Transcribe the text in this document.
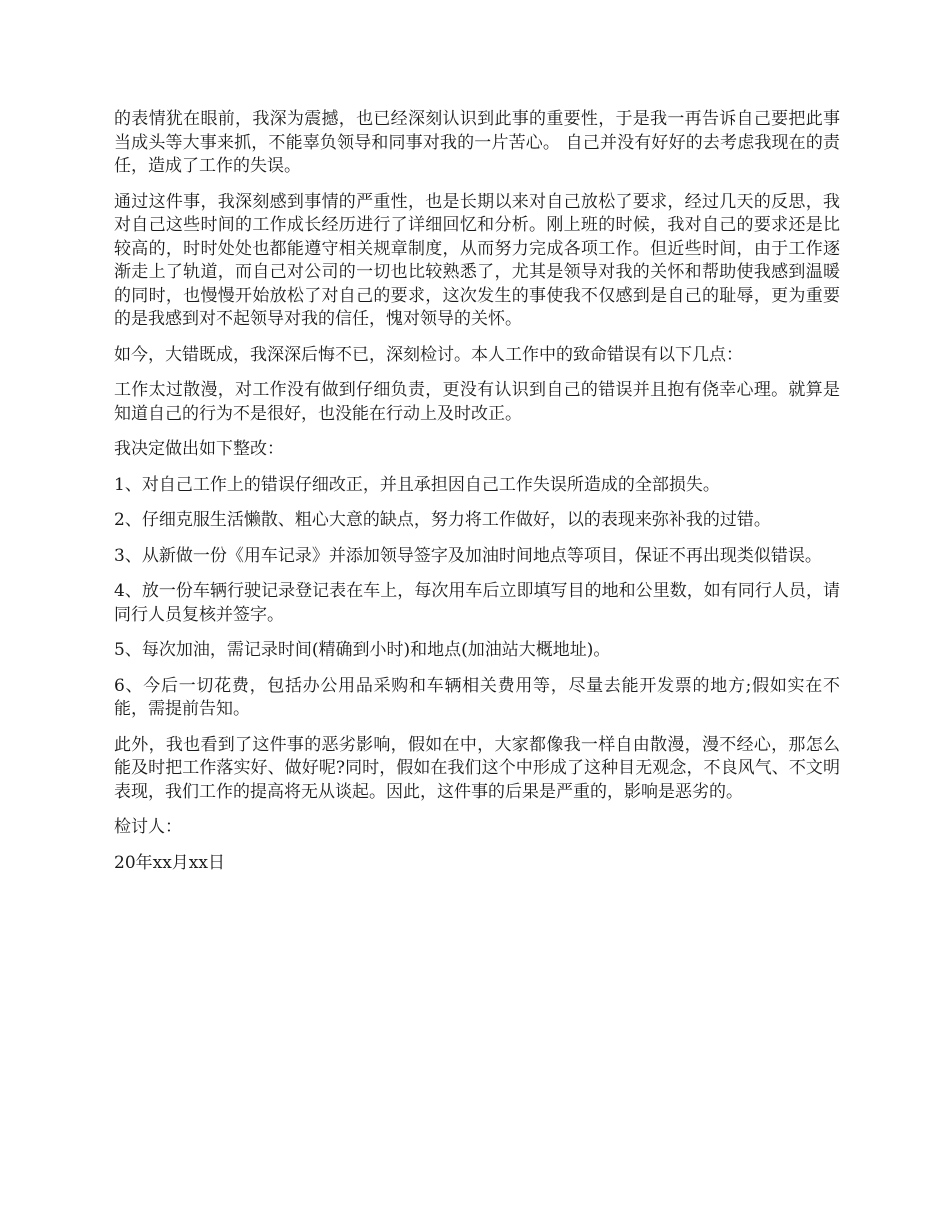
的表情犹在眼前，我深为震撼，也已经深刻认识到此事的重要性，于是我一再告诉自己要把此事当成头等大事来抓，不能辜负领导和同事对我的一片苦心。 自己并没有好好的去考虑我现在的责任，造成了工作的失误。

通过这件事，我深刻感到事情的严重性，也是长期以来对自己放松了要求，经过几天的反思，我对自己这些时间的工作成长经历进行了详细回忆和分析。刚上班的时候，我对自己的要求还是比较高的，时时处处也都能遵守相关规章制度，从而努力完成各项工作。但近些时间，由于工作逐渐走上了轨道，而自己对公司的一切也比较熟悉了，尤其是领导对我的关怀和帮助使我感到温暖的同时，也慢慢开始放松了对自己的要求，这次发生的事使我不仅感到是自己的耻辱，更为重要的是我感到对不起领导对我的信任，愧对领导的关怀。

如今，大错既成，我深深后悔不已，深刻检讨。本人工作中的致命错误有以下几点：

工作太过散漫，对工作没有做到仔细负责，更没有认识到自己的错误并且抱有侥幸心理。就算是知道自己的行为不是很好，也没能在行动上及时改正。

我决定做出如下整改：

1、对自己工作上的错误仔细改正，并且承担因自己工作失误所造成的全部损失。

2、仔细克服生活懒散、粗心大意的缺点，努力将工作做好，以的表现来弥补我的过错。

3、从新做一份《用车记录》并添加领导签字及加油时间地点等项目，保证不再出现类似错误。

4、放一份车辆行驶记录登记表在车上，每次用车后立即填写目的地和公里数，如有同行人员，请同行人员复核并签字。

5、每次加油，需记录时间(精确到小时)和地点(加油站大概地址)。

6、今后一切花费，包括办公用品采购和车辆相关费用等，尽量去能开发票的地方;假如实在不能，需提前告知。

此外，我也看到了这件事的恶劣影响，假如在中，大家都像我一样自由散漫，漫不经心，那怎么能及时把工作落实好、做好呢?同时，假如在我们这个中形成了这种目无观念，不良风气、不文明表现，我们工作的提高将无从谈起。因此，这件事的后果是严重的，影响是恶劣的。

检讨人：

20年xx月xx日
